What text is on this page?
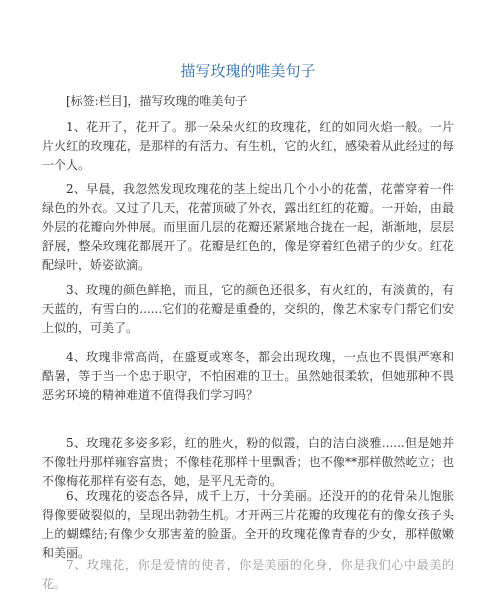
描写玫瑰的唯美句子
[标签:栏目]，描写玫瑰的唯美句子

1、花开了，花开了。那一朵朵火红的玫瑰花，红的如同火焰一般。一片片火红的玫瑰花，是那样的有活力、有生机，它的火红，感染着从此经过的每一个人。

2、早晨，我忽然发现玫瑰花的茎上绽出几个小小的花蕾，花蕾穿着一件绿色的外衣。又过了几天，花蕾顶破了外衣，露出红红的花瓣。一开始，由最外层的花瓣向外伸展。而里面几层的花瓣还紧紧地合拢在一起，渐渐地，层层舒展，整朵玫瑰花都展开了。花瓣是红色的，像是穿着红色裙子的少女。红花配绿叶，娇姿欲滴。

3、玫瑰的颜色鲜艳，而且，它的颜色还很多，有火红的，有淡黄的，有天蓝的，有雪白的......它们的花瓣是重叠的，交织的，像艺术家专门帮它们安上似的，可美了。

4、玫瑰非常高尚，在盛夏或寒冬，都会出现玫瑰，一点也不畏惧严寒和酷暑，等于当一个忠于职守，不怕困难的卫士。虽然她很柔软，但她那种不畏恶劣环境的精神难道不值得我们学习吗？

5、玫瑰花多姿多彩，红的胜火，粉的似霞，白的洁白淡雅......但是她并不像牡丹那样雍容富贵；不像桂花那样十里飘香；也不像**那样傲然屹立；也不像梅花那样有姿有态，她，是平凡无奇的。

6、玫瑰花的姿态各异，成千上万，十分美丽。还没开的的花骨朵儿饱胀得像要破裂似的，呈现出勃勃生机。才开两三片花瓣的玫瑰花有的像女孩子头上的蝴蝶结;有像少女那害羞的脸蛋。全开的玫瑰花像青春的少女，那样傲嫩和美丽。

7、玫瑰花，你是爱情的使者，你是美丽的化身，你是我们心中最美的花。
